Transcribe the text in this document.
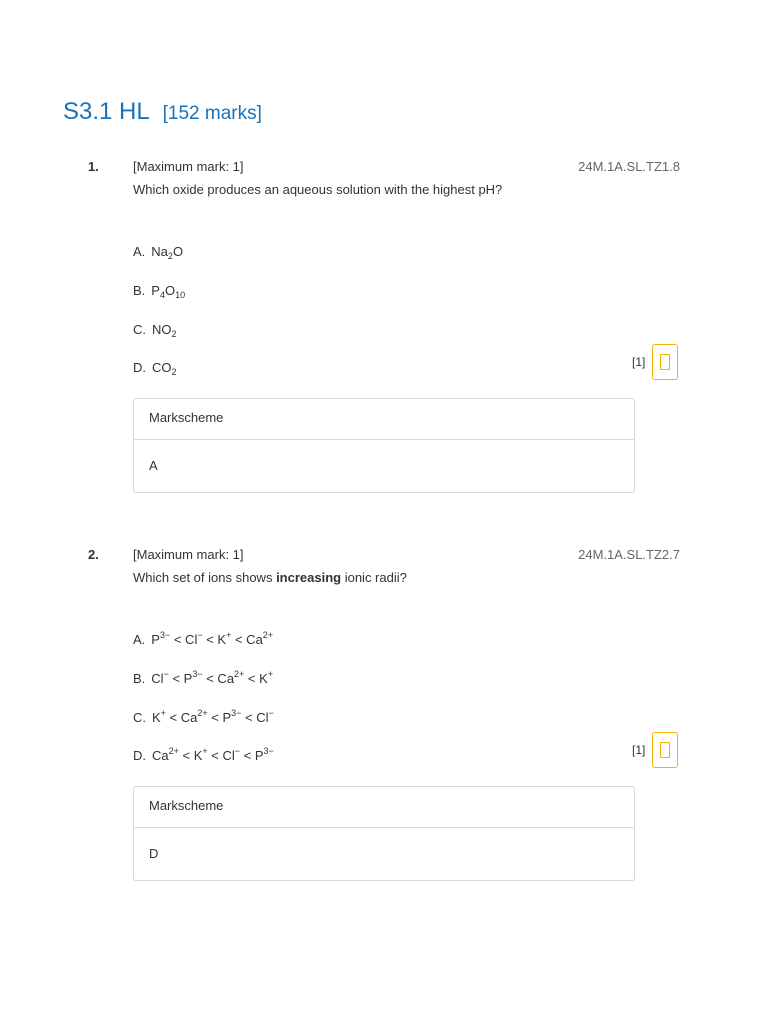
S3.1 HL [152 marks]
1.	[Maximum mark: 1]	24M.1A.SL.TZ1.8
Which oxide produces an aqueous solution with the highest pH?
A. $Na_2O$
B. $P_4O_{10}$
C. $NO_2$
D. $CO_2$
[1]
Markscheme
A
2.	[Maximum mark: 1]	24M.1A.SL.TZ2.7
Which set of ions shows increasing ionic radii?
A. $P^{3-} < Cl^- < K^+ < Ca^{2+}$
B. $Cl^- < P^{3-} < Ca^{2+} < K^+$
C. $K^+ < Ca^{2+} < P^{3-} < Cl^-$
D. $Ca^{2+} < K^+ < Cl^- < P^{3-}$	[1]
Markscheme
D
